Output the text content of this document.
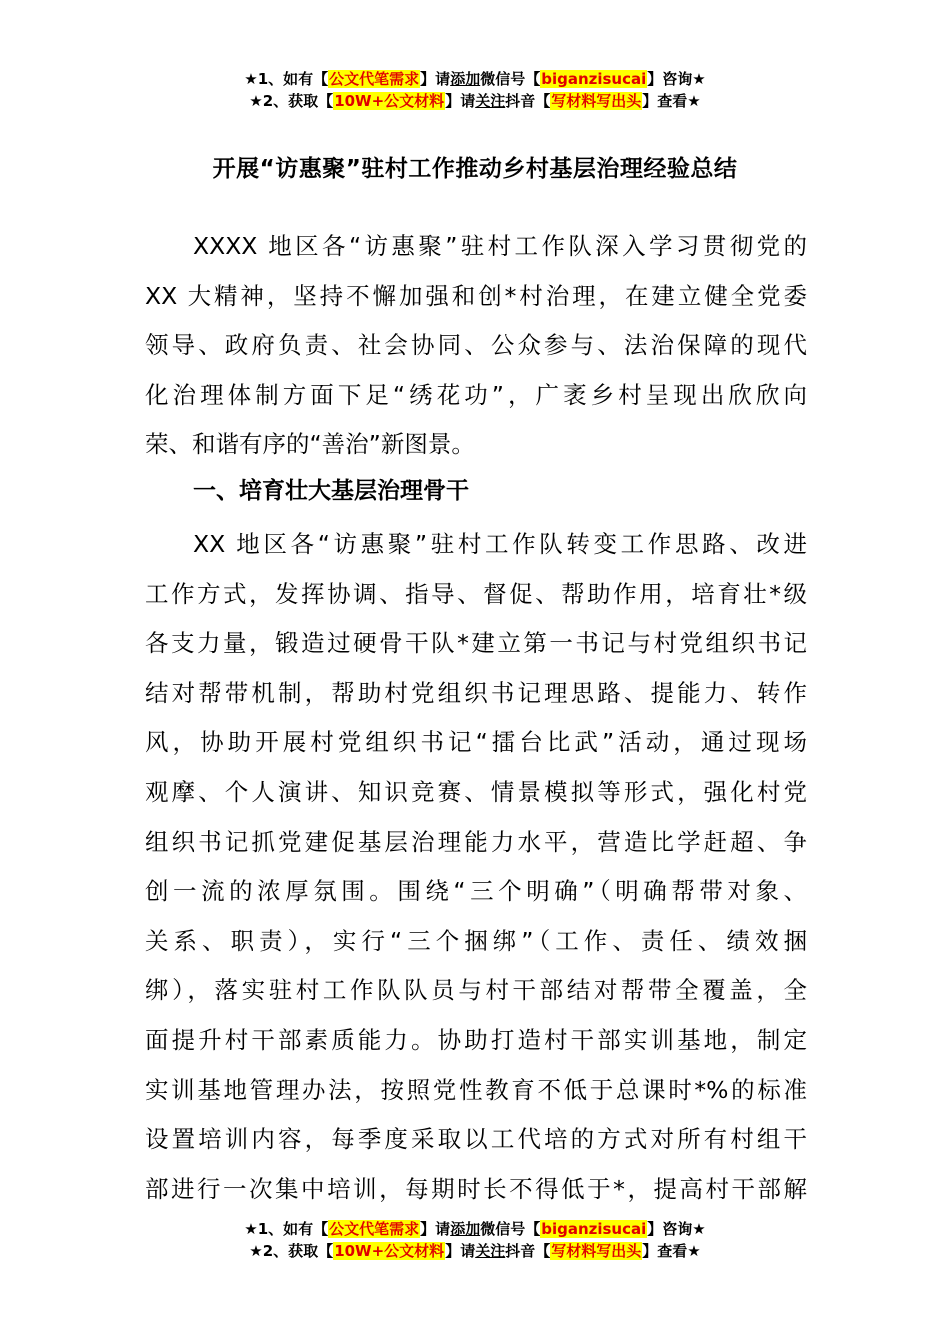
★1、如有【公文代笔需求】请添加微信号【biganzisucai】咨询★
★2、获取【10W+公文材料】请关注抖音【写材料写出头】查看★
开展“访惠聚”驻村工作推动乡村基层治理经验总结
XXXX 地区各“访惠聚”驻村工作队深入学习贯彻党的
XX 大精神，坚持不懈加强和创*村治理，在建立健全党委
领导、政府负责、社会协同、公众参与、法治保障的现代
化治理体制方面下足“绣花功”，广袤乡村呈现出欣欣向
荣、和谐有序的“善治”新图景。
一、培育壮大基层治理骨干
XX 地区各“访惠聚”驻村工作队转变工作思路、改进
工作方式，发挥协调、指导、督促、帮助作用，培育壮*级
各支力量，锻造过硬骨干队*建立第一书记与村党组织书记
结对帮带机制，帮助村党组织书记理思路、提能力、转作
风，协助开展村党组织书记“擂台比武”活动，通过现场
观摩、个人演讲、知识竞赛、情景模拟等形式，强化村党
组织书记抓党建促基层治理能力水平，营造比学赶超、争
创一流的浓厚氛围。围绕“三个明确”（明确帮带对象、
关系、职责），实行“三个捆绑”（工作、责任、绩效捆
绑），落实驻村工作队队员与村干部结对帮带全覆盖，全
面提升村干部素质能力。协助打造村干部实训基地，制定
实训基地管理办法，按照党性教育不低于总课时*%的标准
设置培训内容，每季度采取以工代培的方式对所有村组干
部进行一次集中培训，每期时长不得低于*，提高村干部解
★1、如有【公文代笔需求】请添加微信号【biganzisucai】咨询★
★2、获取【10W+公文材料】请关注抖音【写材料写出头】查看★
